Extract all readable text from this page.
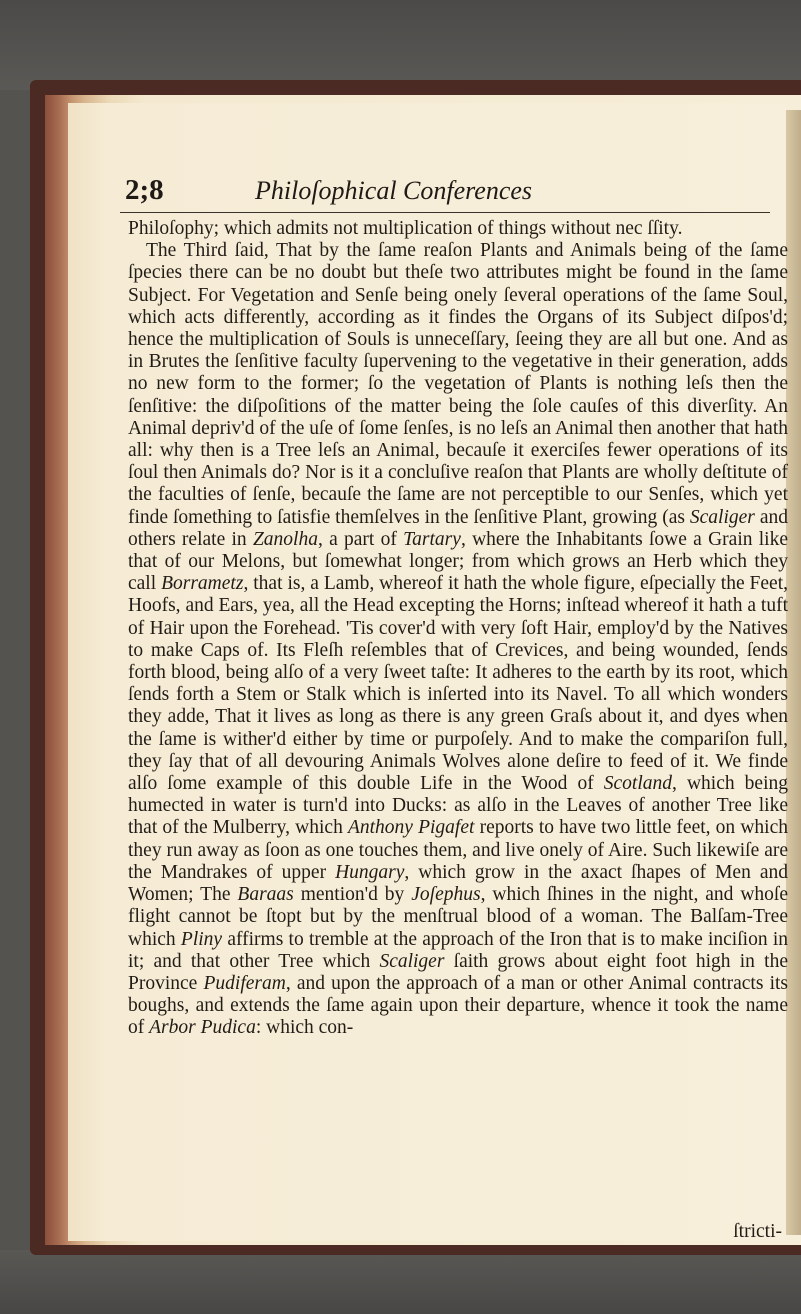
2;8	Philoſophical Conferences

Philoſophy; which admits not multiplication of things without nec ſſity.

The Third ſaid, That by the ſame reaſon Plants and Animals being of the ſame ſpecies there can be no doubt but theſe two attributes might be found in the ſame Subject. For Vegetation and Senſe being onely ſeveral operations of the ſame Soul, which acts differently, according as it findes the Organs of its Subject diſpos'd; hence the multiplication of Souls is unneceſſary, ſeeing they are all but one. And as in Brutes the ſenſitive faculty ſupervening to the vegetative in their generation, adds no new form to the former; ſo the vegetation of Plants is nothing leſs then the ſenſitive: the diſpoſitions of the matter being the ſole cauſes of this diverſity. An Animal depriv'd of the uſe of ſome ſenſes, is no leſs an Animal then another that hath all: why then is a Tree leſs an Animal, becauſe it exerciſes fewer operations of its ſoul then Animals do? Nor is it a concluſive reaſon that Plants are wholly deſtitute of the faculties of ſenſe, becauſe the ſame are not perceptible to our Senſes, which yet finde ſomething to ſatisfie themſelves in the ſenſitive Plant, growing (as Scaliger and others relate in Zanolha, a part of Tartary, where the Inhabitants ſowe a Grain like that of our Melons, but ſomewhat longer; from which grows an Herb which they call Borrametz, that is, a Lamb, whereof it hath the whole figure, eſpecially the Feet, Hoofs, and Ears, yea, all the Head excepting the Horns; inſtead whereof it hath a tuft of Hair upon the Forehead. 'Tis cover'd with very ſoft Hair, employ'd by the Natives to make Caps of. Its Fleſh reſembles that of Crevices, and being wounded, ſends forth blood, being alſo of a very ſweet taſte: It adheres to the earth by its root, which ſends forth a Stem or Stalk which is inſerted into its Navel. To all which wonders they adde, That it lives as long as there is any green Graſs about it, and dyes when the ſame is wither'd either by time or purpoſely. And to make the compariſon full, they ſay that of all devouring Animals Wolves alone deſire to feed of it. We finde alſo ſome example of this double Life in the Wood of Scotland, which being humected in water is turn'd into Ducks: as alſo in the Leaves of another Tree like that of the Mulberry, which Anthony Pigafet reports to have two little feet, on which they run away as ſoon as one touches them, and live onely of Aire. Such likewiſe are the Mandrakes of upper Hungary, which grow in the axact ſhapes of Men and Women; The Baraas mention'd by Joſephus, which ſhines in the night, and whoſe flight cannot be ſtopt but by the menſtrual blood of a woman. The Balſam-Tree which Pliny affirms to tremble at the approach of the Iron that is to make inciſion in it; and that other Tree which Scaliger ſaith grows about eight foot high in the Province Pudiferam, and upon the approach of a man or other Animal contracts its boughs, and extends the ſame again upon their departure, whence it took the name of Arbor Pudica: which con-

ſtricti-
